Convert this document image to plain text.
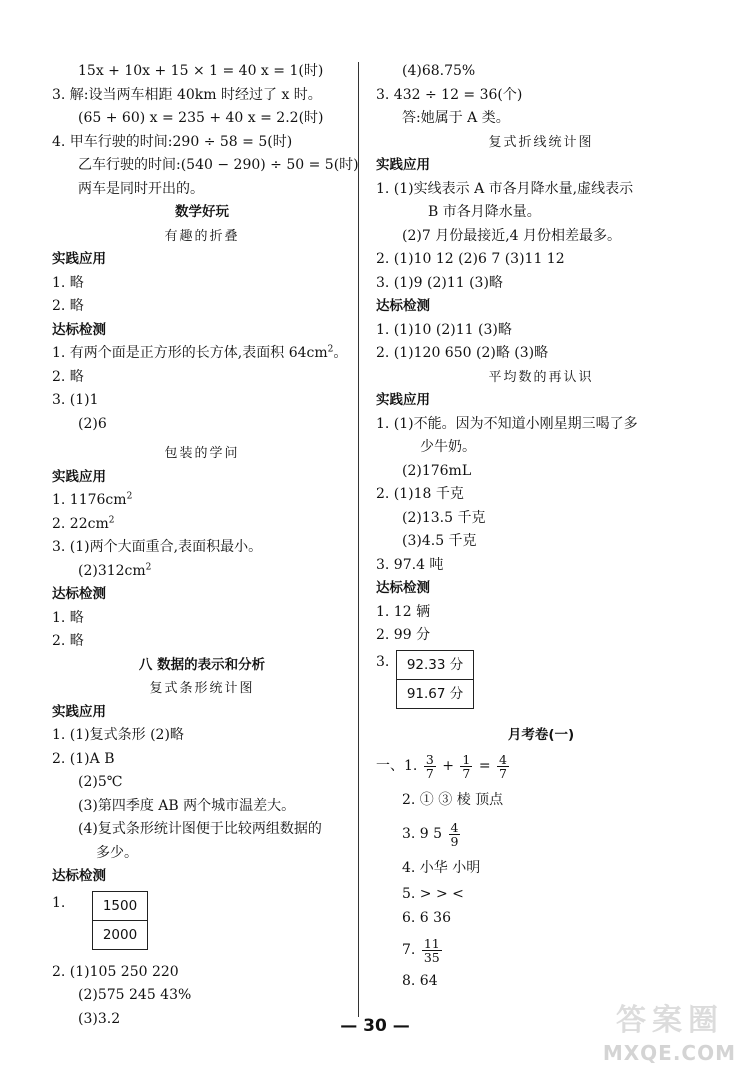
15x + 10x + 15 × 1 = 40 x = 1(时)
3. 解:设当两车相距 40km 时经过了 x 时。
(65 + 60) x = 235 + 40 x = 2.2(时)
4. 甲车行驶的时间:290 ÷ 58 = 5(时)
乙车行驶的时间:(540 − 290) ÷ 50 = 5(时)
两车是同时开出的。
数学好玩
有趣的折叠
实践应用
1. 略
2. 略
达标检测
1. 有两个面是正方形的长方体,表面积 $64cm^2$。
2. 略
3. (1)1
(2)6
包装的学问
实践应用
1. $1176cm^2$
2. $22cm^2$
3. (1)两个大面重合,表面积最小。
$(2)312cm^2$
达标检测
1. 略
2. 略
八 数据的表示和分析
复式条形统计图
实践应用
1. (1)复式条形 (2)略
2. (1)A B
(2)5℃
(3)第四季度 AB 两个城市温差大。
(4)复式条形统计图便于比较两组数据的
多少。
达标检测
1. $\frac{1500}{2000}$
2. (1)105 250 220
(2)575 245 43%
(3)3.2
(4)68.75%
3. 432 ÷ 12 = 36(个)
答:她属于 A 类。
复式折线统计图
实践应用
1. (1)实线表示 A 市各月降水量,虚线表示
B 市各月降水量。
(2)7 月份最接近,4 月份相差最多。
2. (1)10 12 (2)6 7 (3)11 12
3. (1)9 (2)11 (3)略
达标检测
1. (1)10 (2)11 (3)略
2. (1)120 650 (2)略 (3)略
平均数的再认识
实践应用
1. (1)不能。因为不知道小刚星期三喝了多
少牛奶。
(2)176mL
2. (1)18 千克
(2)13.5 千克
(3)4.5 千克
3. 97.4 吨
达标检测
1. 12 辆
2. 99 分
3.	92.33 分
91.67 分
月考卷(一)
一、1. $\frac{3}{7} + \frac{1}{7} = \frac{4}{7}$
2. ① ③ 棱 顶点
3. 9 $5 \frac{4}{9}$
4. 小华 小明
5. > > <
6. 6 36
7. $\frac{11}{35}$
8. 64
— 30 —	答案圈
MXQE.COM
